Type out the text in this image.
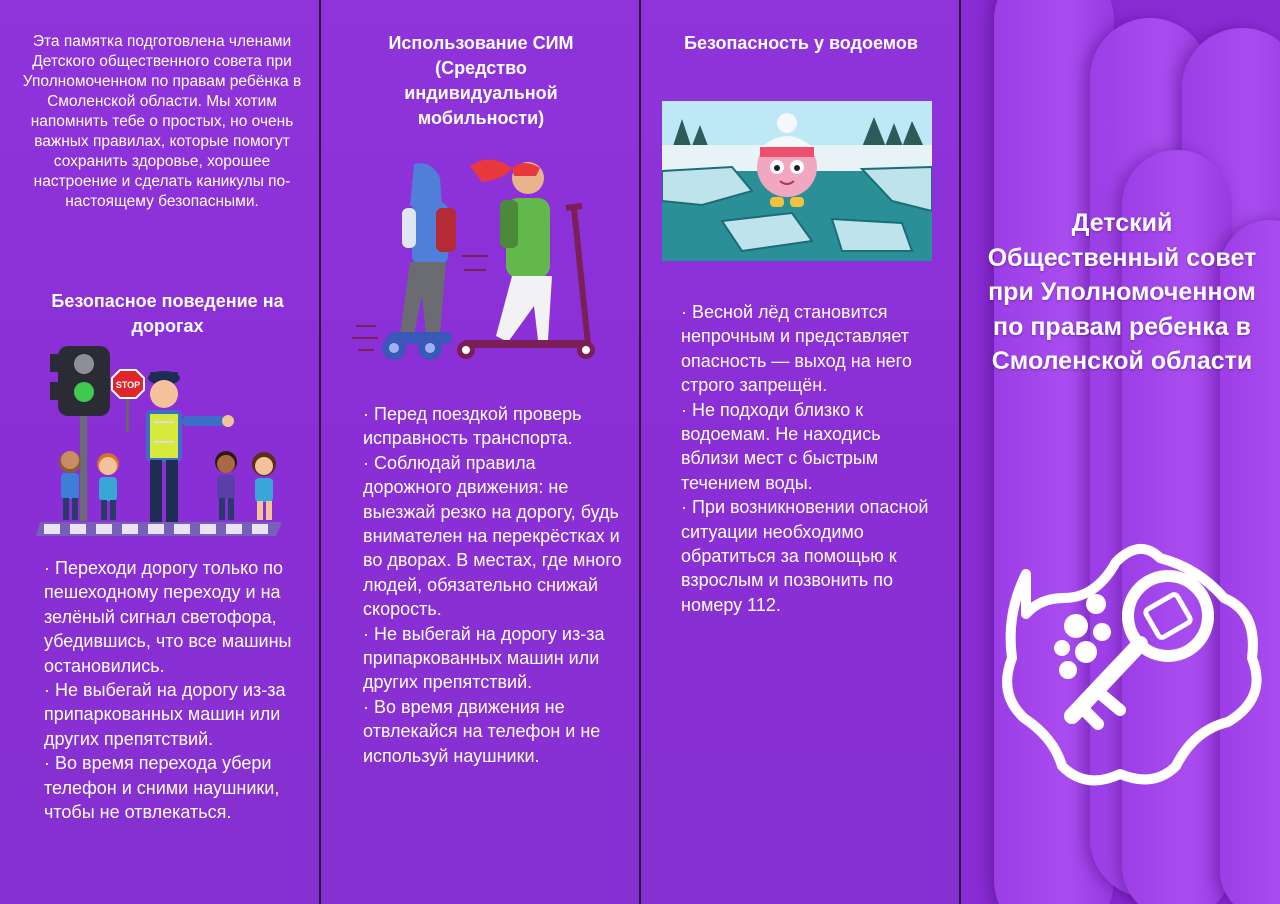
Эта памятка подготовлена членами Детского общественного совета при Уполномоченном по правам ребёнка в Смоленской области. Мы хотим напомнить тебе о простых, но очень важных правилах, которые помогут сохранить здоровье, хорошее настроение и сделать каникулы по-настоящему безопасными.
Безопасное поведение на дорогах
STOP
· Переходи дорогу только по пешеходному переходу и на зелёный сигнал светофора, убедившись, что все машины остановились.
· Не выбегай на дорогу из-за припаркованных машин или других препятствий.
· Во время перехода убери телефон и сними наушники, чтобы не отвлекаться.
Использование СИМ (Средство индивидуальной мобильности)
· Перед поездкой проверь исправность транспорта.
· Соблюдай правила дорожного движения: не выезжай резко на дорогу, будь внимателен на перекрёстках и во дворах. В местах, где много людей, обязательно снижай скорость.
· Не выбегай на дорогу из-за припаркованных машин или других препятствий.
· Во время движения не отвлекайся на телефон и не используй наушники.
Безопасность у водоемов
· Весной лёд становится непрочным и представляет опасность — выход на него строго запрещён.
· Не подходи близко к водоемам. Не находись вблизи мест с быстрым течением воды.
· При возникновении опасной ситуации необходимо обратиться за помощью к взрослым и позвонить по номеру 112.
Детский Общественный совет при Уполномоченном по правам ребенка в Смоленской области
